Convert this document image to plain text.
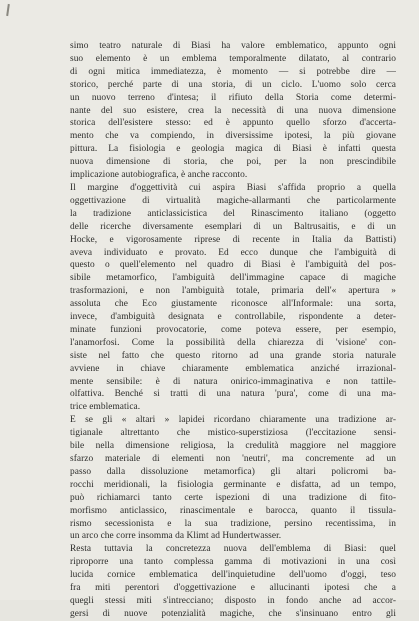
simo teatro naturale di Biasi ha valore emblematico, appunto ogni
suo elemento è un emblema temporalmente dilatato, al contrario
di ogni mitica immediatezza, è momento — si potrebbe dire —
storico, perché parte di una storia, di un ciclo. L'uomo solo cerca
un nuovo terreno d'intesa; il rifiuto della Storia come determi-
nante del suo esistere, crea la necessità di una nuova dimensione
storica dell'esistere stesso: ed è appunto quello sforzo d'accerta-
mento che va compiendo, in diversissime ipotesi, la più giovane
pittura. La fisiologia e geologia magica di Biasi è infatti questa
nuova dimensione di storia, che poi, per la non prescindibile
implicazione autobiografica, è anche racconto.
Il margine d'oggettività cui aspira Biasi s'affida proprio a quella
oggettivazione di virtualità magiche-allarmanti che particolarmente
la tradizione anticlassicistica del Rinascimento italiano (oggetto
delle ricerche diversamente esemplari di un Baltrusaitis, e di un
Hocke, e vigorosamente riprese di recente in Italia da Battisti)
aveva individuato e provato. Ed ecco dunque che l'ambiguità di
questo o quell'elemento nel quadro di Biasi è l'ambiguità del pos-
sibile metamorfico, l'ambiguità dell'immagine capace di magiche
trasformazioni, e non l'ambiguità totale, primaria dell'« apertura »
assoluta che Eco giustamente riconosce all'Informale: una sorta,
invece, d'ambiguità designata e controllabile, rispondente a deter-
minate funzioni provocatorie, come poteva essere, per esempio,
l'anamorfosi. Come la possibilità della chiarezza di 'visione' con-
siste nel fatto che questo ritorno ad una grande storia naturale
avviene in chiave chiaramente emblematica anziché irrazional-
mente sensibile: è di natura onirico-immaginativa e non tattile-
olfattiva. Benché si tratti di una natura 'pura', come di una ma-
trice emblematica.
E se gli « altari » lapidei ricordano chiaramente una tradizione ar-
tigianale altrettanto che mistico-superstiziosa (l'eccitazione sensi-
bile nella dimensione religiosa, la credulità maggiore nel maggiore
sfarzo materiale di elementi non 'neutri', ma concremente ad un
passo dalla dissoluzione metamorfica) gli altari policromi ba-
rocchi meridionali, la fisiologia germinante e disfatta, ad un tempo,
può richiamarci tanto certe ispezioni di una tradizione di fito-
morfismo anticlassico, rinascimentale e barocca, quanto il tissula-
rismo secessionista e la sua tradizione, persino recentissima, in
un arco che corre insomma da Klimt ad Hundertwasser.
Resta tuttavia la concretezza nuova dell'emblema di Biasi: quel
riproporre una tanto complessa gamma di motivazioni in una così
lucida cornice emblematica dell'inquietudine dell'uomo d'oggi, teso
fra miti perentori d'oggettivazione e allucinanti ipotesi che a
quegli stessi miti s'intrecciano; disposto in fondo anche ad accor-
gersi di nuove potenzialità magiche, che s'insinuano entro gli
